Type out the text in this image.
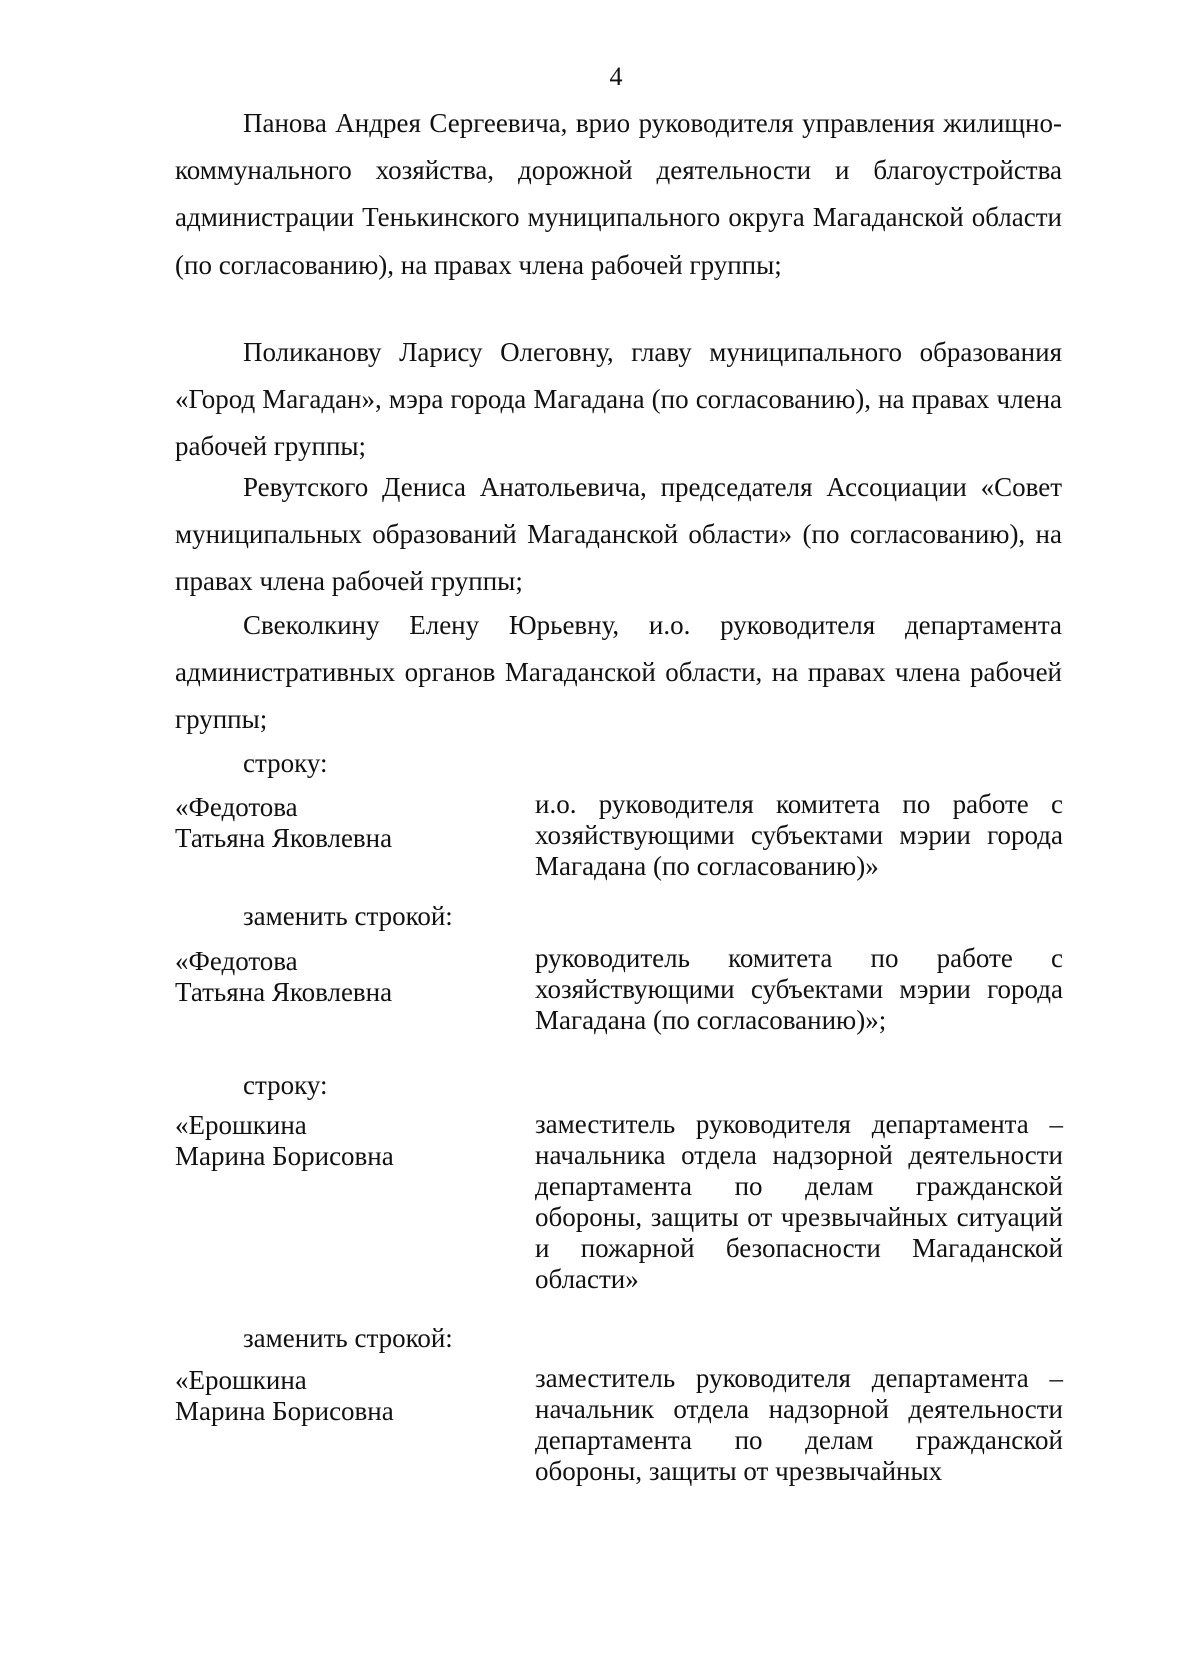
4

Панова Андрея Сергеевича, врио руководителя управления жилищно-коммунального хозяйства, дорожной деятельности и благоустройства администрации Тенькинского муниципального округа Магаданской области (по согласованию), на правах члена рабочей группы;

Поликанову Ларису Олеговну, главу муниципального образования «Город Магадан», мэра города Магадана (по согласованию), на правах члена рабочей группы;

Ревутского Дениса Анатольевича, председателя Ассоциации «Совет муниципальных образований Магаданской области» (по согласованию), на правах члена рабочей группы;

Свеколкину Елену Юрьевну, и.о. руководителя департамента административных органов Магаданской области, на правах члена рабочей группы;

строку:
«Федотова
Татьяна Яковлевна

и.о. руководителя комитета по работе с хозяйствующими субъектами мэрии города Магадана (по согласованию)»

заменить строкой:
«Федотова
Татьяна Яковлевна

руководитель комитета по работе с хозяйствующими субъектами мэрии города Магадана (по согласованию)»;

строку:
«Ерошкина
Марина Борисовна

заместитель руководителя департамента – начальника отдела надзорной деятельности департамента по делам гражданской обороны, защиты от чрезвычайных ситуаций и пожарной безопасности Магаданской области»

заменить строкой:
«Ерошкина
Марина Борисовна

заместитель руководителя департамента – начальник отдела надзорной деятельности департамента по делам гражданской обороны, защиты от чрезвычайных
